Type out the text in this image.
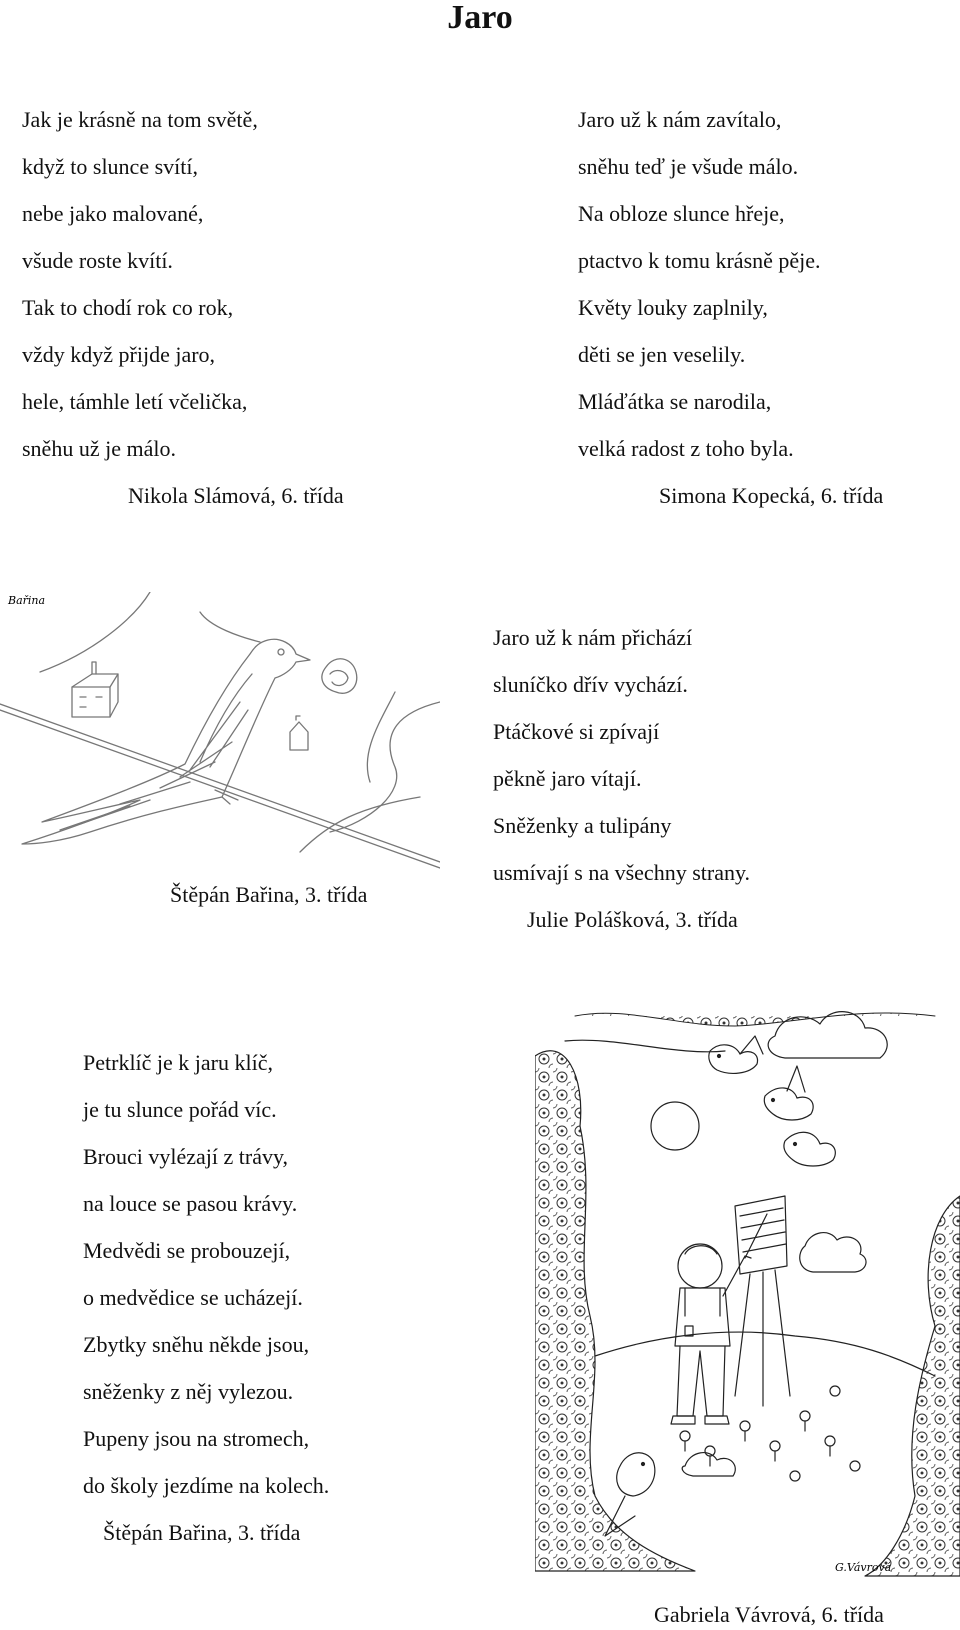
Jaro
Jak je krásně na tom světě,
když to slunce svítí,
nebe jako malované,
všude roste kvítí.
Tak to chodí rok co rok,
vždy když přijde jaro,
hele, támhle letí včelička,
sněhu už je málo.
Nikola Slámová, 6. třída
Jaro už k nám zavítalo,
sněhu teď je všude málo.
Na obloze slunce hřeje,
ptactvo k tomu krásně pěje.
Květy louky zaplnily,
děti se jen veselily.
Mláďátka se narodila,
velká radost z toho byla.
Simona Kopecká, 6. třída
Bařina
Štěpán Bařina, 3. třída
Jaro už k nám přichází
sluníčko dřív vychází.
Ptáčkové si zpívají
pěkně jaro vítají.
Sněženky a tulipány
usmívají s na všechny strany.
Julie Polášková, 3. třída
Petrklíč je k jaru klíč,
je tu slunce pořád víc.
Brouci vylézají z trávy,
na louce se pasou krávy.
Medvědi se probouzejí,
o medvědice se ucházejí.
Zbytky sněhu někde jsou,
sněženky z něj vylezou.
Pupeny jsou na stromech,
do školy jezdíme na kolech.
Štěpán Bařina, 3. třída
G.Vávrová
Gabriela Vávrová, 6. třída
